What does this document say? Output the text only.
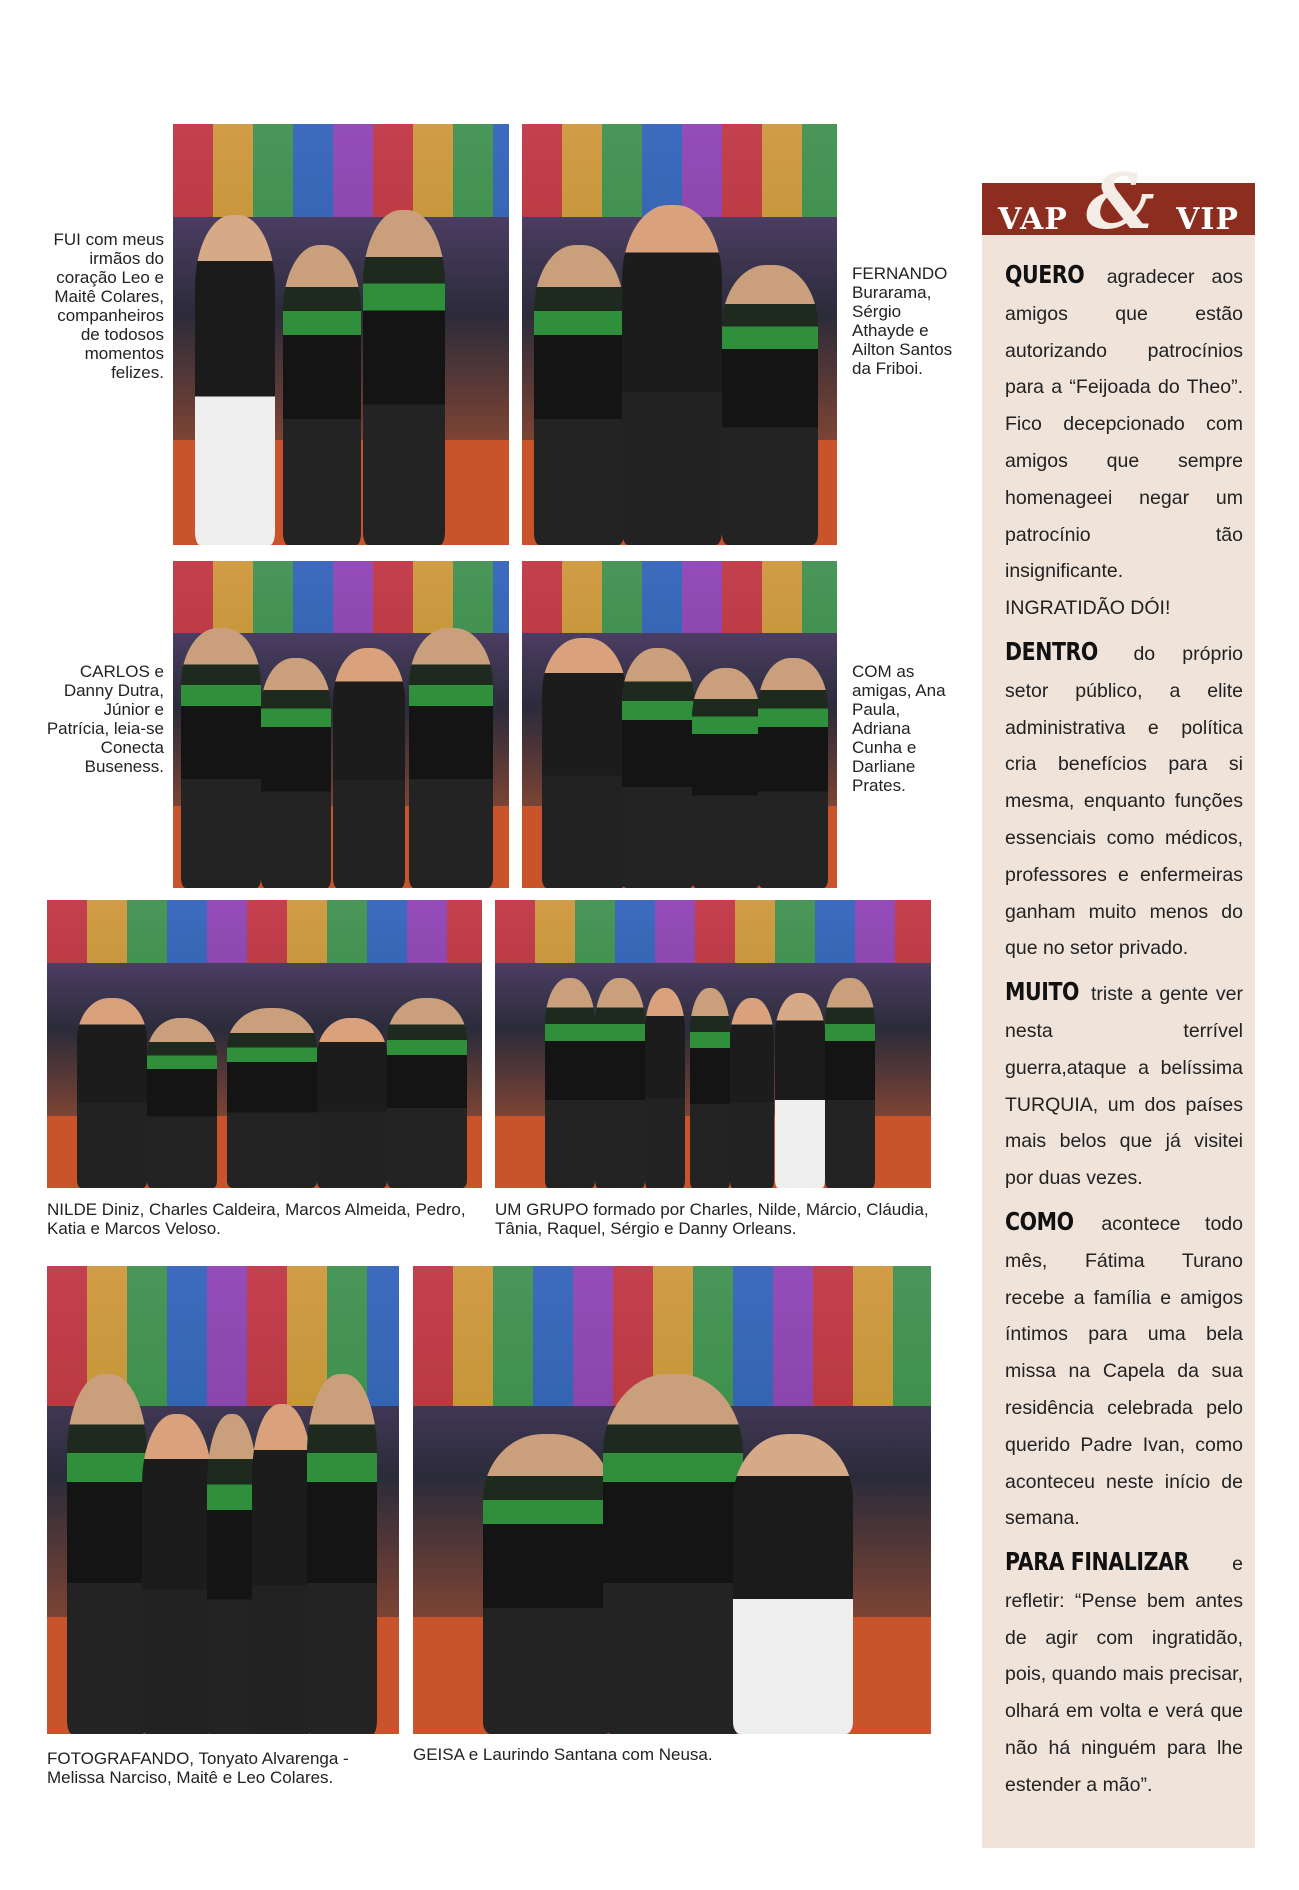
FUI com meus irmãos do coração Leo e Maitê Colares, companheiros de todosos momentos felizes.
FERNANDO Burarama, Sérgio Athayde e Ailton Santos da Friboi.
CARLOS e Danny Dutra, Júnior e Patrícia, leia-se Conecta Buseness.
COM as amigas, Ana Paula, Adriana Cunha e Darliane Prates.
NILDE Diniz, Charles Caldeira, Marcos Almeida, Pedro, Katia e Marcos Veloso.
UM GRUPO formado por Charles, Nilde, Márcio, Cláudia, Tânia, Raquel, Sérgio e Danny Orleans.
FOTOGRAFANDO, Tonyato Alvarenga -Melissa Narciso, Maitê e Leo Colares.
GEISA e Laurindo Santana com Neusa.
VAP & VIP

QUERO agradecer aos amigos que estão autorizando patrocínios para a “Feijoada do Theo”. Fico decepcionado com amigos que sempre homenageei negar um patrocínio tão insignificante. INGRATIDÃO DÓI!

DENTRO do próprio setor público, a elite administrativa e política cria benefícios para si mesma, enquanto funções essenciais como médicos, professores e enfermeiras ganham muito menos do que no setor privado.

MUITO triste a gente ver nesta terrível guerra,ataque a belíssima TURQUIA, um dos países mais belos que já visitei por duas vezes.

COMO acontece todo mês, Fátima Turano recebe a família e amigos íntimos para uma bela missa na Capela da sua residência celebrada pelo querido Padre Ivan, como aconteceu neste início de semana.

PARA FINALIZAR e refletir: “Pense bem antes de agir com ingratidão, pois, quando mais precisar, olhará em volta e verá que não há ninguém para lhe estender a mão”.
